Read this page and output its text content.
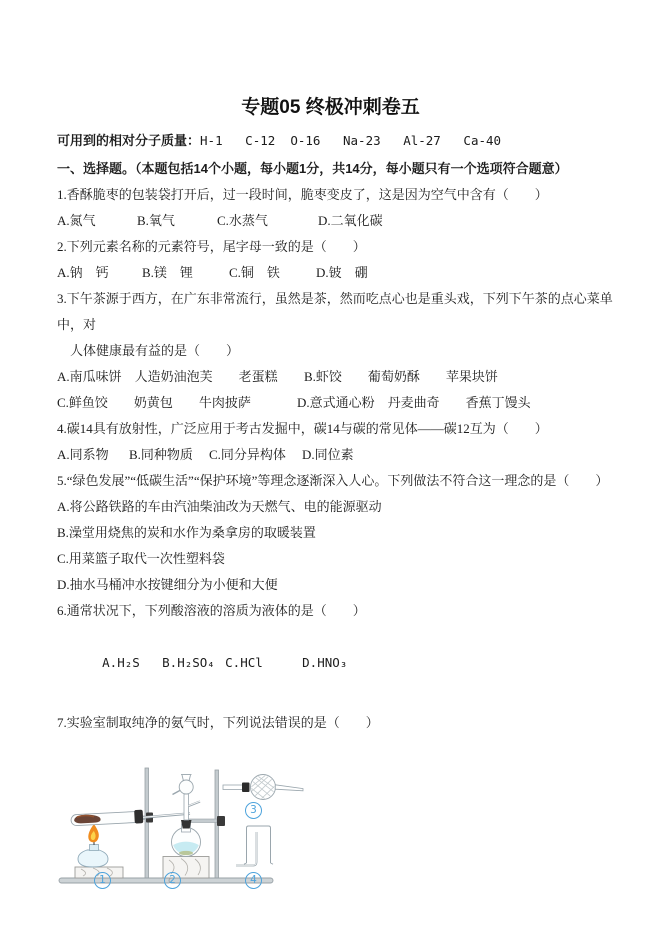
专题05 终极冲刺卷五

可用到的相对分子质量：H-1   C-12  O-16   Na-23   Al-27   Ca-40

一、选择题。（本题包括14个小题，每小题1分，共14分，每小题只有一个选项符合题意）

1.香酥脆枣的包装袋打开后，过一段时间，脆枣变皮了，这是因为空气中含有（　　）

A.氮气	B.氧气	C.水蒸气	D.二氧化碳

2.下列元素名称的元素符号，尾字母一致的是（　　）

A.钠　钙	B.镁　锂	C.铜　铁	D.铍　硼

3.下午茶源于西方，在广东非常流行，虽然是茶，然而吃点心也是重头戏，下列下午茶的点心菜单中，对

人体健康最有益的是（　　）

A.南瓜味饼　人造奶油泡芙　　老蛋糕 B.虾饺　　葡萄奶酥　　苹果块饼

C.鲜鱼饺　　奶黄包　　牛肉披萨	D.意式通心粉　丹麦曲奇　　香蕉丁馒头

4.碳14具有放射性，广泛应用于考古发掘中，碳14与碳的常见体——碳12互为（　　）

A.同系物 B.同种物质 C.同分异构体 D.同位素

5.“绿色发展”“低碳生活”“保护环境”等理念逐渐深入人心。下列做法不符合这一理念的是（　　）

A.将公路铁路的车由汽油柴油改为天燃气、电的能源驱动

B.澡堂用烧焦的炭和水作为桑拿房的取暖装置

C.用菜篮子取代一次性塑料袋

D.抽水马桶冲水按键细分为小便和大便

6.通常状况下，下列酸溶液的溶质为液体的是（　　）

A.H₂S B.H₂SO₄ C.HCl	D.HNO₃

7.实验室制取纯净的氨气时，下列说法错误的是（　　）

1	2
3
4
